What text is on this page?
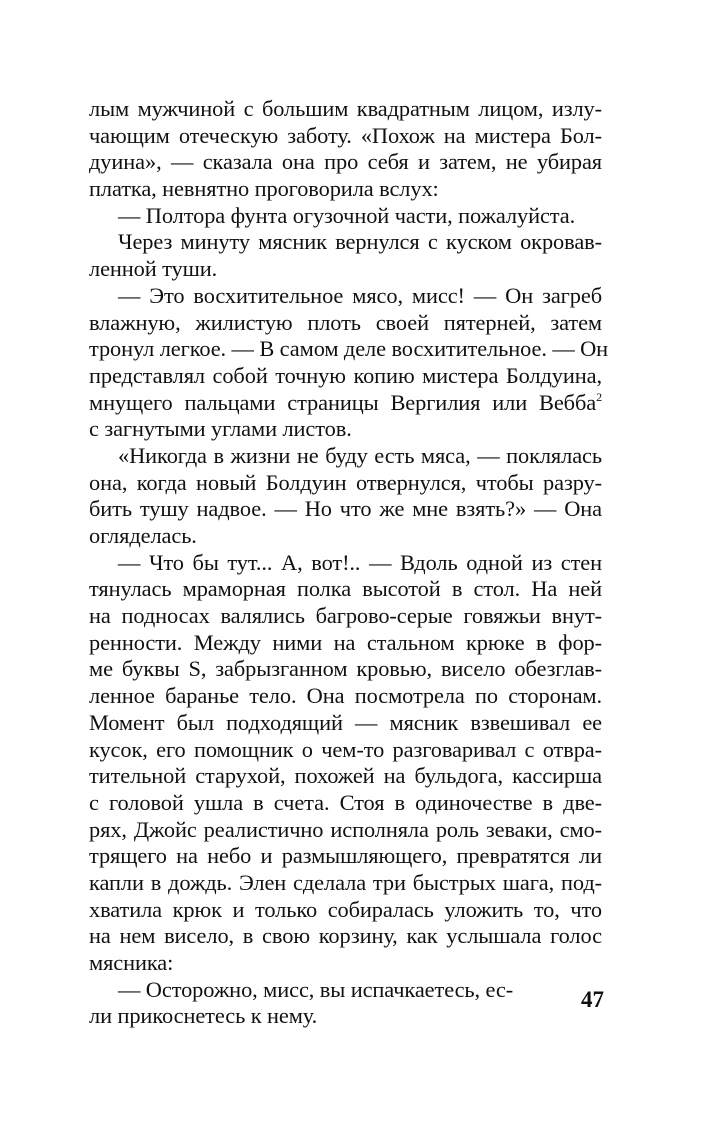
лым мужчиной с большим квадратным лицом, излу-
чающим отеческую заботу. «Похож на мистера Бол-
дуина», — сказала она про себя и затем, не убирая
платка, невнятно проговорила вслух:
— Полтора фунта огузочной части, пожалуйста.
Через минуту мясник вернулся с куском окровав-
ленной туши.
— Это восхитительное мясо, мисс! — Он загреб
влажную, жилистую плоть своей пятерней, затем
тронул легкое. — В самом деле восхитительное. — Он
представлял собой точную копию мистера Болдуина,
мнущего пальцами страницы Вергилия или Вебба$^2$
с загнутыми углами листов.
«Никогда в жизни не буду есть мяса, — поклялась
она, когда новый Болдуин отвернулся, чтобы разру-
бить тушу надвое. — Но что же мне взять?» — Она
огляделась.
— Что бы тут... А, вот!.. — Вдоль одной из стен
тянулась мраморная полка высотой в стол. На ней
на подносах валялись багрово-серые говяжьи внут-
ренности. Между ними на стальном крюке в фор-
ме буквы S, забрызганном кровью, висело обезглав-
ленное баранье тело. Она посмотрела по сторонам.
Момент был подходящий — мясник взвешивал ее
кусок, его помощник о чем-то разговаривал с отвра-
тительной старухой, похожей на бульдога, кассирша
с головой ушла в счета. Стоя в одиночестве в две-
рях, Джойс реалистично исполняла роль зеваки, смо-
трящего на небо и размышляющего, превратятся ли
капли в дождь. Элен сделала три быстрых шага, под-
хватила крюк и только собиралась уложить то, что
на нем висело, в свою корзину, как услышала голос
мясника:
— Осторожно, мисс, вы испачкаетесь, ес-
ли прикоснетесь к нему.
47
